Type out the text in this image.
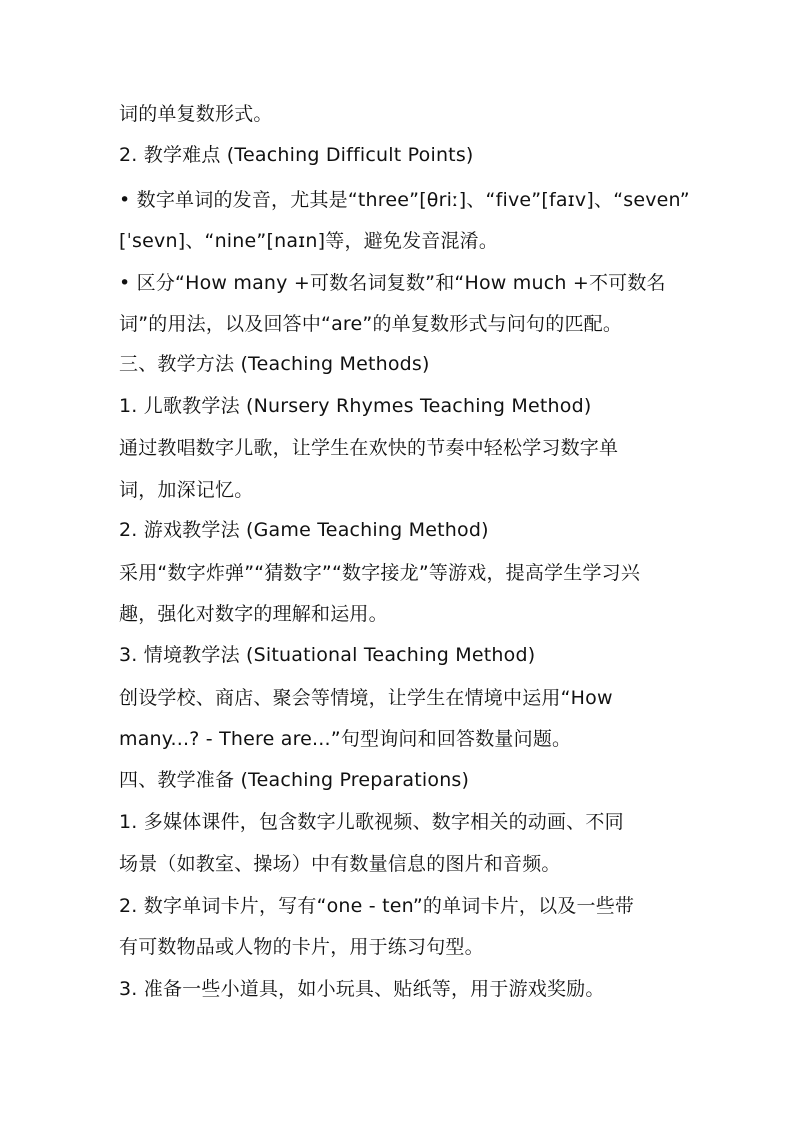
词的单复数形式。
2. 教学难点 (Teaching Difficult Points)
• 数字单词的发音，尤其是“three”[θriː]、“five”[faɪv]、“seven”
[ˈsevn]、“nine”[naɪn]等，避免发音混淆。
• 区分“How many +可数名词复数”和“How much +不可数名
词”的用法，以及回答中“are”的单复数形式与问句的匹配。
三、教学方法 (Teaching Methods)
1. 儿歌教学法 (Nursery Rhymes Teaching Method)
通过教唱数字儿歌，让学生在欢快的节奏中轻松学习数字单
词，加深记忆。
2. 游戏教学法 (Game Teaching Method)
采用“数字炸弹”“猜数字”“数字接龙”等游戏，提高学生学习兴
趣，强化对数字的理解和运用。
3. 情境教学法 (Situational Teaching Method)
创设学校、商店、聚会等情境，让学生在情境中运用“How
many...? - There are...”句型询问和回答数量问题。
四、教学准备 (Teaching Preparations)
1. 多媒体课件，包含数字儿歌视频、数字相关的动画、不同
场景（如教室、操场）中有数量信息的图片和音频。
2. 数字单词卡片，写有“one - ten”的单词卡片，以及一些带
有可数物品或人物的卡片，用于练习句型。
3. 准备一些小道具，如小玩具、贴纸等，用于游戏奖励。
